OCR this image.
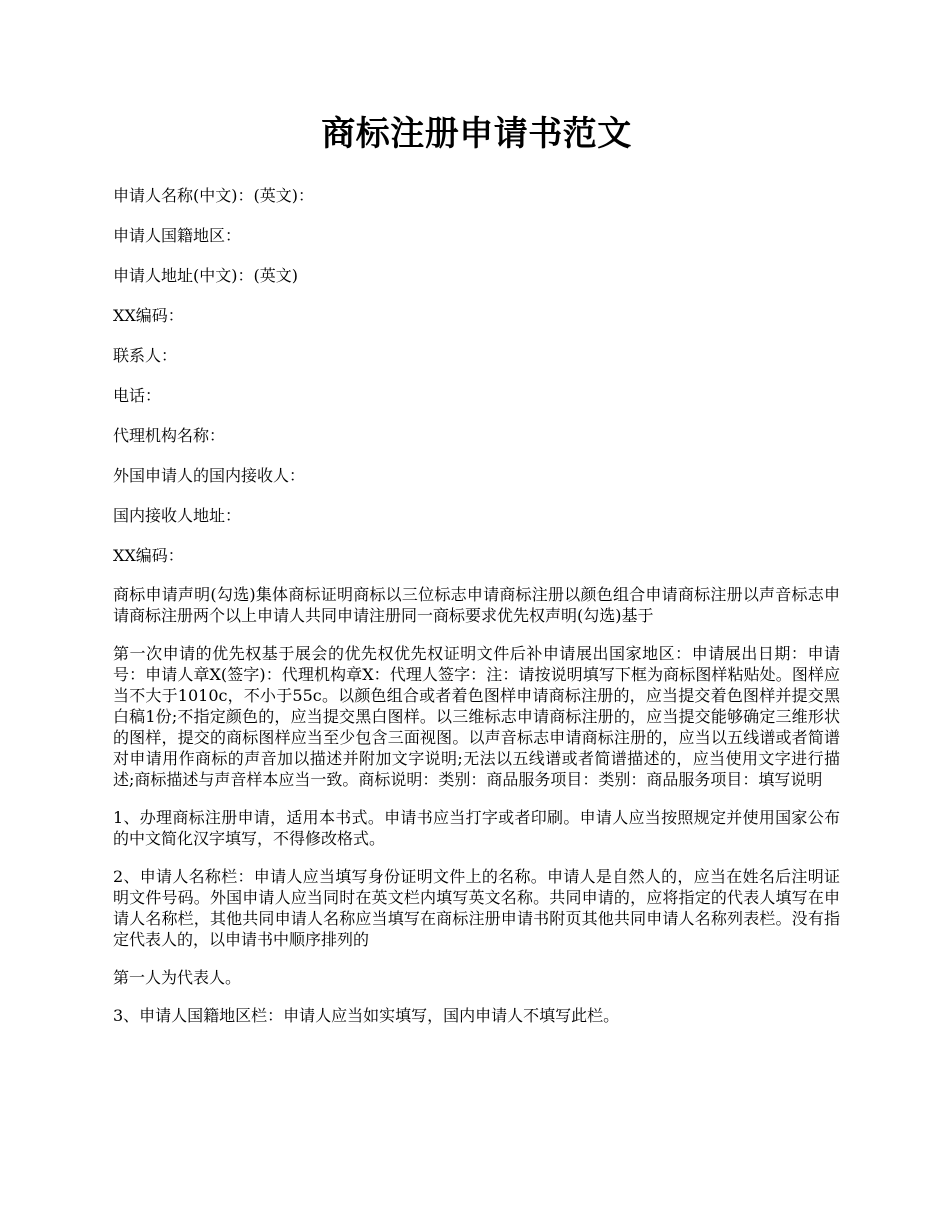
商标注册申请书范文

申请人名称(中文)：(英文)：

申请人国籍地区：

申请人地址(中文)：(英文)

XX编码：

联系人：

电话：

代理机构名称：

外国申请人的国内接收人：

国内接收人地址：

XX编码：

商标申请声明(勾选)集体商标证明商标以三位标志申请商标注册以颜色组合申请商标注册以声音标志申请商标注册两个以上申请人共同申请注册同一商标要求优先权声明(勾选)基于

第一次申请的优先权基于展会的优先权优先权证明文件后补申请展出国家地区：申请展出日期：申请号：申请人章X(签字)：代理机构章X：代理人签字：注：请按说明填写下框为商标图样粘贴处。图样应当不大于1010c，不小于55c。以颜色组合或者着色图样申请商标注册的，应当提交着色图样并提交黑白稿1份;不指定颜色的，应当提交黑白图样。以三维标志申请商标注册的，应当提交能够确定三维形状的图样，提交的商标图样应当至少包含三面视图。以声音标志申请商标注册的，应当以五线谱或者简谱对申请用作商标的声音加以描述并附加文字说明;无法以五线谱或者简谱描述的，应当使用文字进行描述;商标描述与声音样本应当一致。商标说明：类别：商品服务项目：类别：商品服务项目：填写说明

1、办理商标注册申请，适用本书式。申请书应当打字或者印刷。申请人应当按照规定并使用国家公布的中文简化汉字填写，不得修改格式。

2、申请人名称栏：申请人应当填写身份证明文件上的名称。申请人是自然人的，应当在姓名后注明证明文件号码。外国申请人应当同时在英文栏内填写英文名称。共同申请的，应将指定的代表人填写在申请人名称栏，其他共同申请人名称应当填写在商标注册申请书附页其他共同申请人名称列表栏。没有指定代表人的，以申请书中顺序排列的

第一人为代表人。

3、申请人国籍地区栏：申请人应当如实填写，国内申请人不填写此栏。
